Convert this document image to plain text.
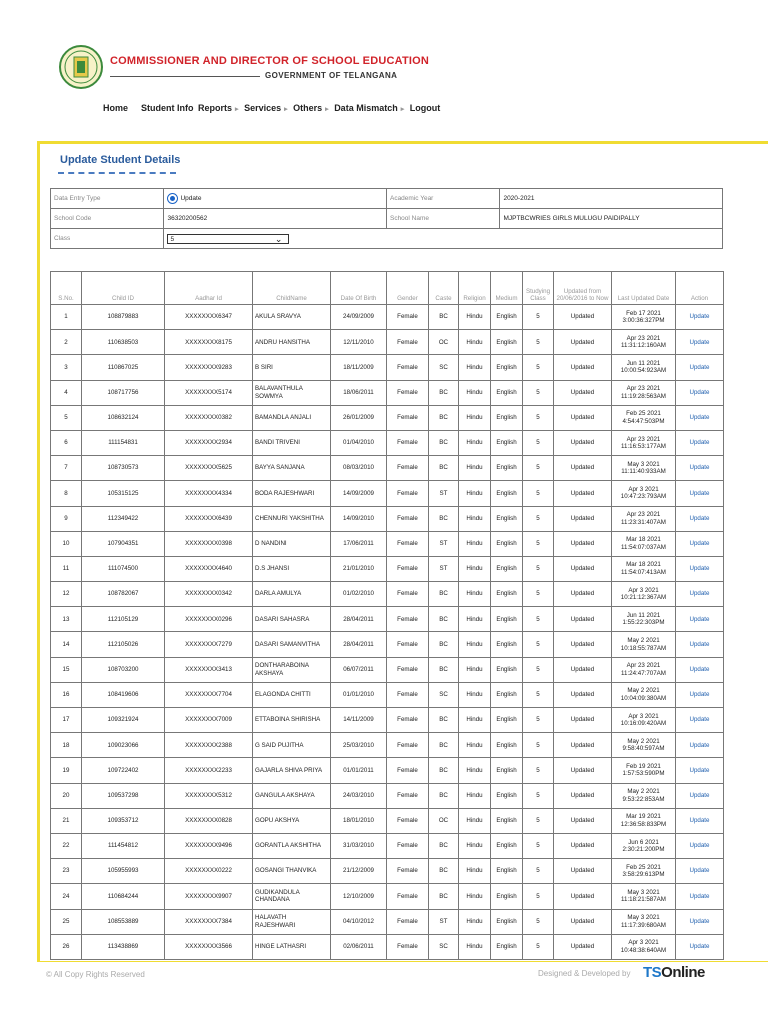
COMMISSIONER AND DIRECTOR OF SCHOOL EDUCATION
GOVERNMENT OF TELANGANA
Home Student Info Reports ▸ Services ▸ Others ▸ Data Mismatch ▸ Logout
Update Student Details
Data Entry Type	Update	Academic Year	2020-2021
School Code	36320200562	School Name	MJPTBCWRIES GIRLS MULUGU PAIDIPALLY
Class	5 ⌄		
S.No.	Child ID	Aadhar Id	ChildName	Date Of Birth	Gender	Caste	Religion	Medium	Studying Class	Updated from 20/06/2016 to Now	Last Updated Date	Action
1	108879883	XXXXXXXX6347	AKULA SRAVYA	24/09/2009	Female	BC	Hindu	English	5	Updated	Feb 17 2021 3:00:36:327PM	Update
2	110638503	XXXXXXXX8175	ANDRU HANSITHA	12/11/2010	Female	OC	Hindu	English	5	Updated	Apr 23 2021 11:31:12:160AM	Update
3	110867025	XXXXXXXX9283	B SIRI	18/11/2009	Female	SC	Hindu	English	5	Updated	Jun 11 2021 10:00:54:923AM	Update
4	108717756	XXXXXXXX5174	BALAVANTHULA SOWMYA	18/06/2011	Female	BC	Hindu	English	5	Updated	Apr 23 2021 11:19:28:563AM	Update
5	108632124	XXXXXXXX0382	BAMANDLA ANJALI	26/01/2009	Female	BC	Hindu	English	5	Updated	Feb 25 2021 4:54:47:503PM	Update
6	111154831	XXXXXXXX2934	BANDI TRIVENI	01/04/2010	Female	BC	Hindu	English	5	Updated	Apr 23 2021 11:16:53:177AM	Update
7	108730573	XXXXXXXX5625	BAYYA SANJANA	08/03/2010	Female	BC	Hindu	English	5	Updated	May 3 2021 11:11:40:933AM	Update
8	105315125	XXXXXXXX4334	BODA RAJESHWARI	14/09/2009	Female	ST	Hindu	English	5	Updated	Apr 3 2021 10:47:23:793AM	Update
9	112349422	XXXXXXXX6439	CHENNURI YAKSHITHA	14/09/2010	Female	BC	Hindu	English	5	Updated	Apr 23 2021 11:23:31:407AM	Update
10	107904351	XXXXXXXX0398	D NANDINI	17/06/2011	Female	ST	Hindu	English	5	Updated	Mar 18 2021 11:54:07:037AM	Update
11	111074500	XXXXXXXX4640	D.S JHANSI	21/01/2010	Female	ST	Hindu	English	5	Updated	Mar 18 2021 11:54:07:413AM	Update
12	108782067	XXXXXXXX0342	DARLA AMULYA	01/02/2010	Female	BC	Hindu	English	5	Updated	Apr 3 2021 10:21:12:367AM	Update
13	112105129	XXXXXXXX0296	DASARI SAHASRA	28/04/2011	Female	BC	Hindu	English	5	Updated	Jun 11 2021 1:55:22:303PM	Update
14	112105026	XXXXXXXX7279	DASARI SAMANVITHA	28/04/2011	Female	BC	Hindu	English	5	Updated	May 2 2021 10:18:55:787AM	Update
15	108703200	XXXXXXXX3413	DONTHARABOINA AKSHAYA	06/07/2011	Female	BC	Hindu	English	5	Updated	Apr 23 2021 11:24:47:707AM	Update
16	108419606	XXXXXXXX7704	ELAGONDA CHITTI	01/01/2010	Female	SC	Hindu	English	5	Updated	May 2 2021 10:04:09:380AM	Update
17	109321924	XXXXXXXX7009	ETTABOINA SHIRISHA	14/11/2009	Female	BC	Hindu	English	5	Updated	Apr 3 2021 10:16:09:420AM	Update
18	109023066	XXXXXXXX2388	G SAID PUJITHA	25/03/2010	Female	BC	Hindu	English	5	Updated	May 2 2021 9:58:40:597AM	Update
19	109722402	XXXXXXXX2233	GAJARLA SHIVA PRIYA	01/01/2011	Female	BC	Hindu	English	5	Updated	Feb 19 2021 1:57:53:590PM	Update
20	109537298	XXXXXXXX5312	GANGULA AKSHAYA	24/03/2010	Female	BC	Hindu	English	5	Updated	May 2 2021 9:53:22:853AM	Update
21	109353712	XXXXXXXX0828	GOPU AKSHYA	18/01/2010	Female	OC	Hindu	English	5	Updated	Mar 19 2021 12:36:58:833PM	Update
22	111454812	XXXXXXXX9496	GORANTLA AKSHITHA	31/03/2010	Female	BC	Hindu	English	5	Updated	Jun 6 2021 2:30:21:200PM	Update
23	105955993	XXXXXXXX0222	GOSANGI THANVIKA	21/12/2009	Female	BC	Hindu	English	5	Updated	Feb 25 2021 3:58:29:613PM	Update
24	110684244	XXXXXXXX9907	GUDIKANDULA CHANDANA	12/10/2009	Female	BC	Hindu	English	5	Updated	May 3 2021 11:18:21:587AM	Update
25	108553889	XXXXXXXX7384	HALAVATH RAJESHWARI	04/10/2012	Female	ST	Hindu	English	5	Updated	May 3 2021 11:17:39:680AM	Update
26	113438869	XXXXXXXX3566	HINGE LATHASRI	02/06/2011	Female	SC	Hindu	English	5	Updated	Apr 3 2021 10:48:38:640AM	Update
© All Copy Rights Reserved	Designed & Developed by TSOnline
